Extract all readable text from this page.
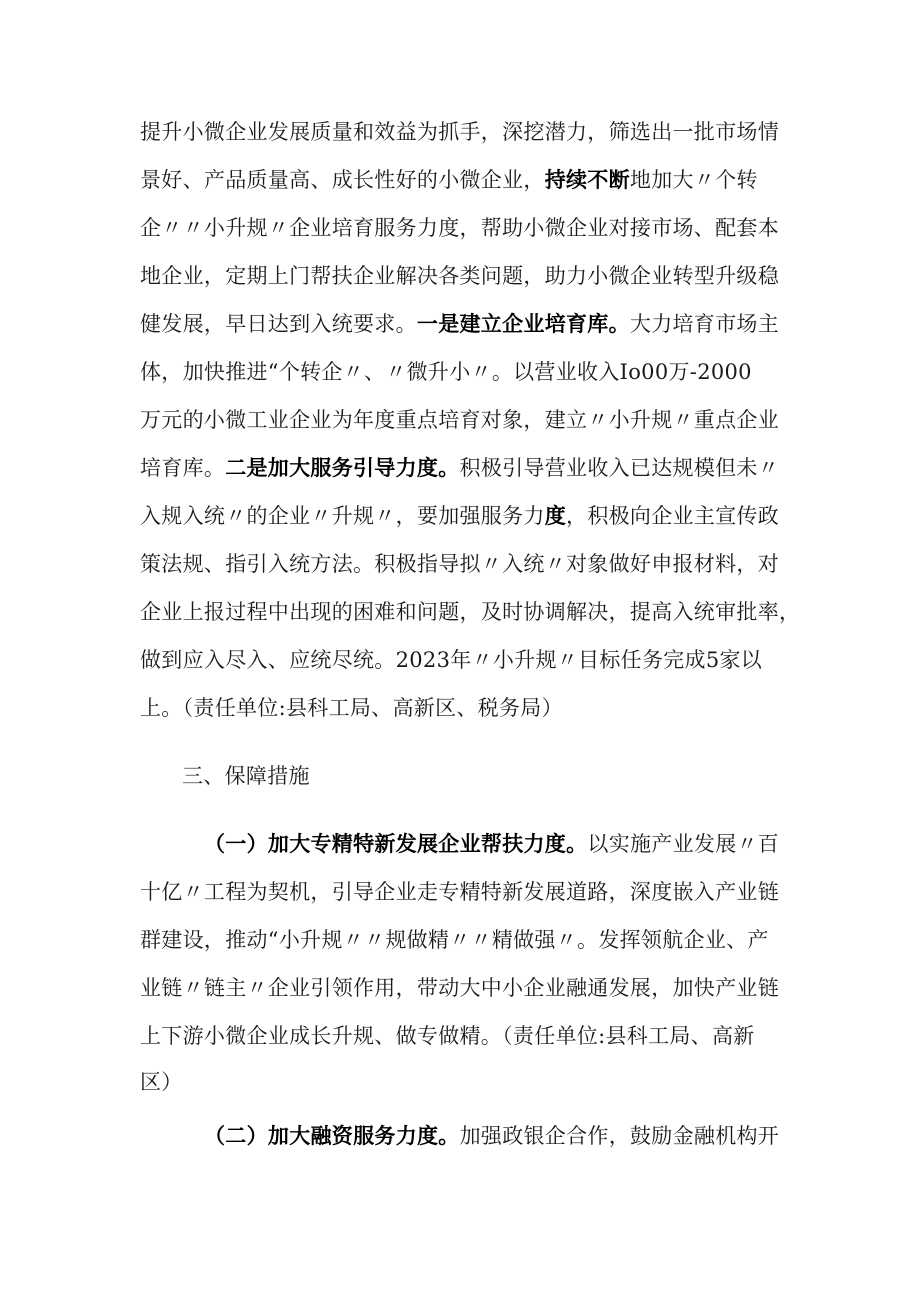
提升小微企业发展质量和效益为抓手，深挖潜力，筛选出一批市场情
景好、产品质量高、成长性好的小微企业，持续不断地加大〃个转
企〃〃小升规〃企业培育服务力度，帮助小微企业对接市场、配套本
地企业，定期上门帮扶企业解决各类问题，助力小微企业转型升级稳
健发展，早日达到入统要求。一是建立企业培育库。大力培育市场主
体，加快推进“个转企〃、〃微升小〃。以营业收入Io00万-2000
万元的小微工业企业为年度重点培育对象，建立〃小升规〃重点企业
培育库。二是加大服务引导力度。积极引导营业收入已达规模但未〃
入规入统〃的企业〃升规〃，要加强服务力度，积极向企业主宣传政
策法规、指引入统方法。积极指导拟〃入统〃对象做好申报材料，对
企业上报过程中出现的困难和问题，及时协调解决，提高入统审批率，
做到应入尽入、应统尽统。2023年〃小升规〃目标任务完成5家以
上。（责任单位:县科工局、高新区、税务局）
三、保障措施
（一）加大专精特新发展企业帮扶力度。以实施产业发展〃百
十亿〃工程为契机，引导企业走专精特新发展道路，深度嵌入产业链
群建设，推动“小升规〃〃规做精〃〃精做强〃。发挥领航企业、产
业链〃链主〃企业引领作用，带动大中小企业融通发展，加快产业链
上下游小微企业成长升规、做专做精。（责任单位:县科工局、高新
区）
（二）加大融资服务力度。加强政银企合作，鼓励金融机构开
